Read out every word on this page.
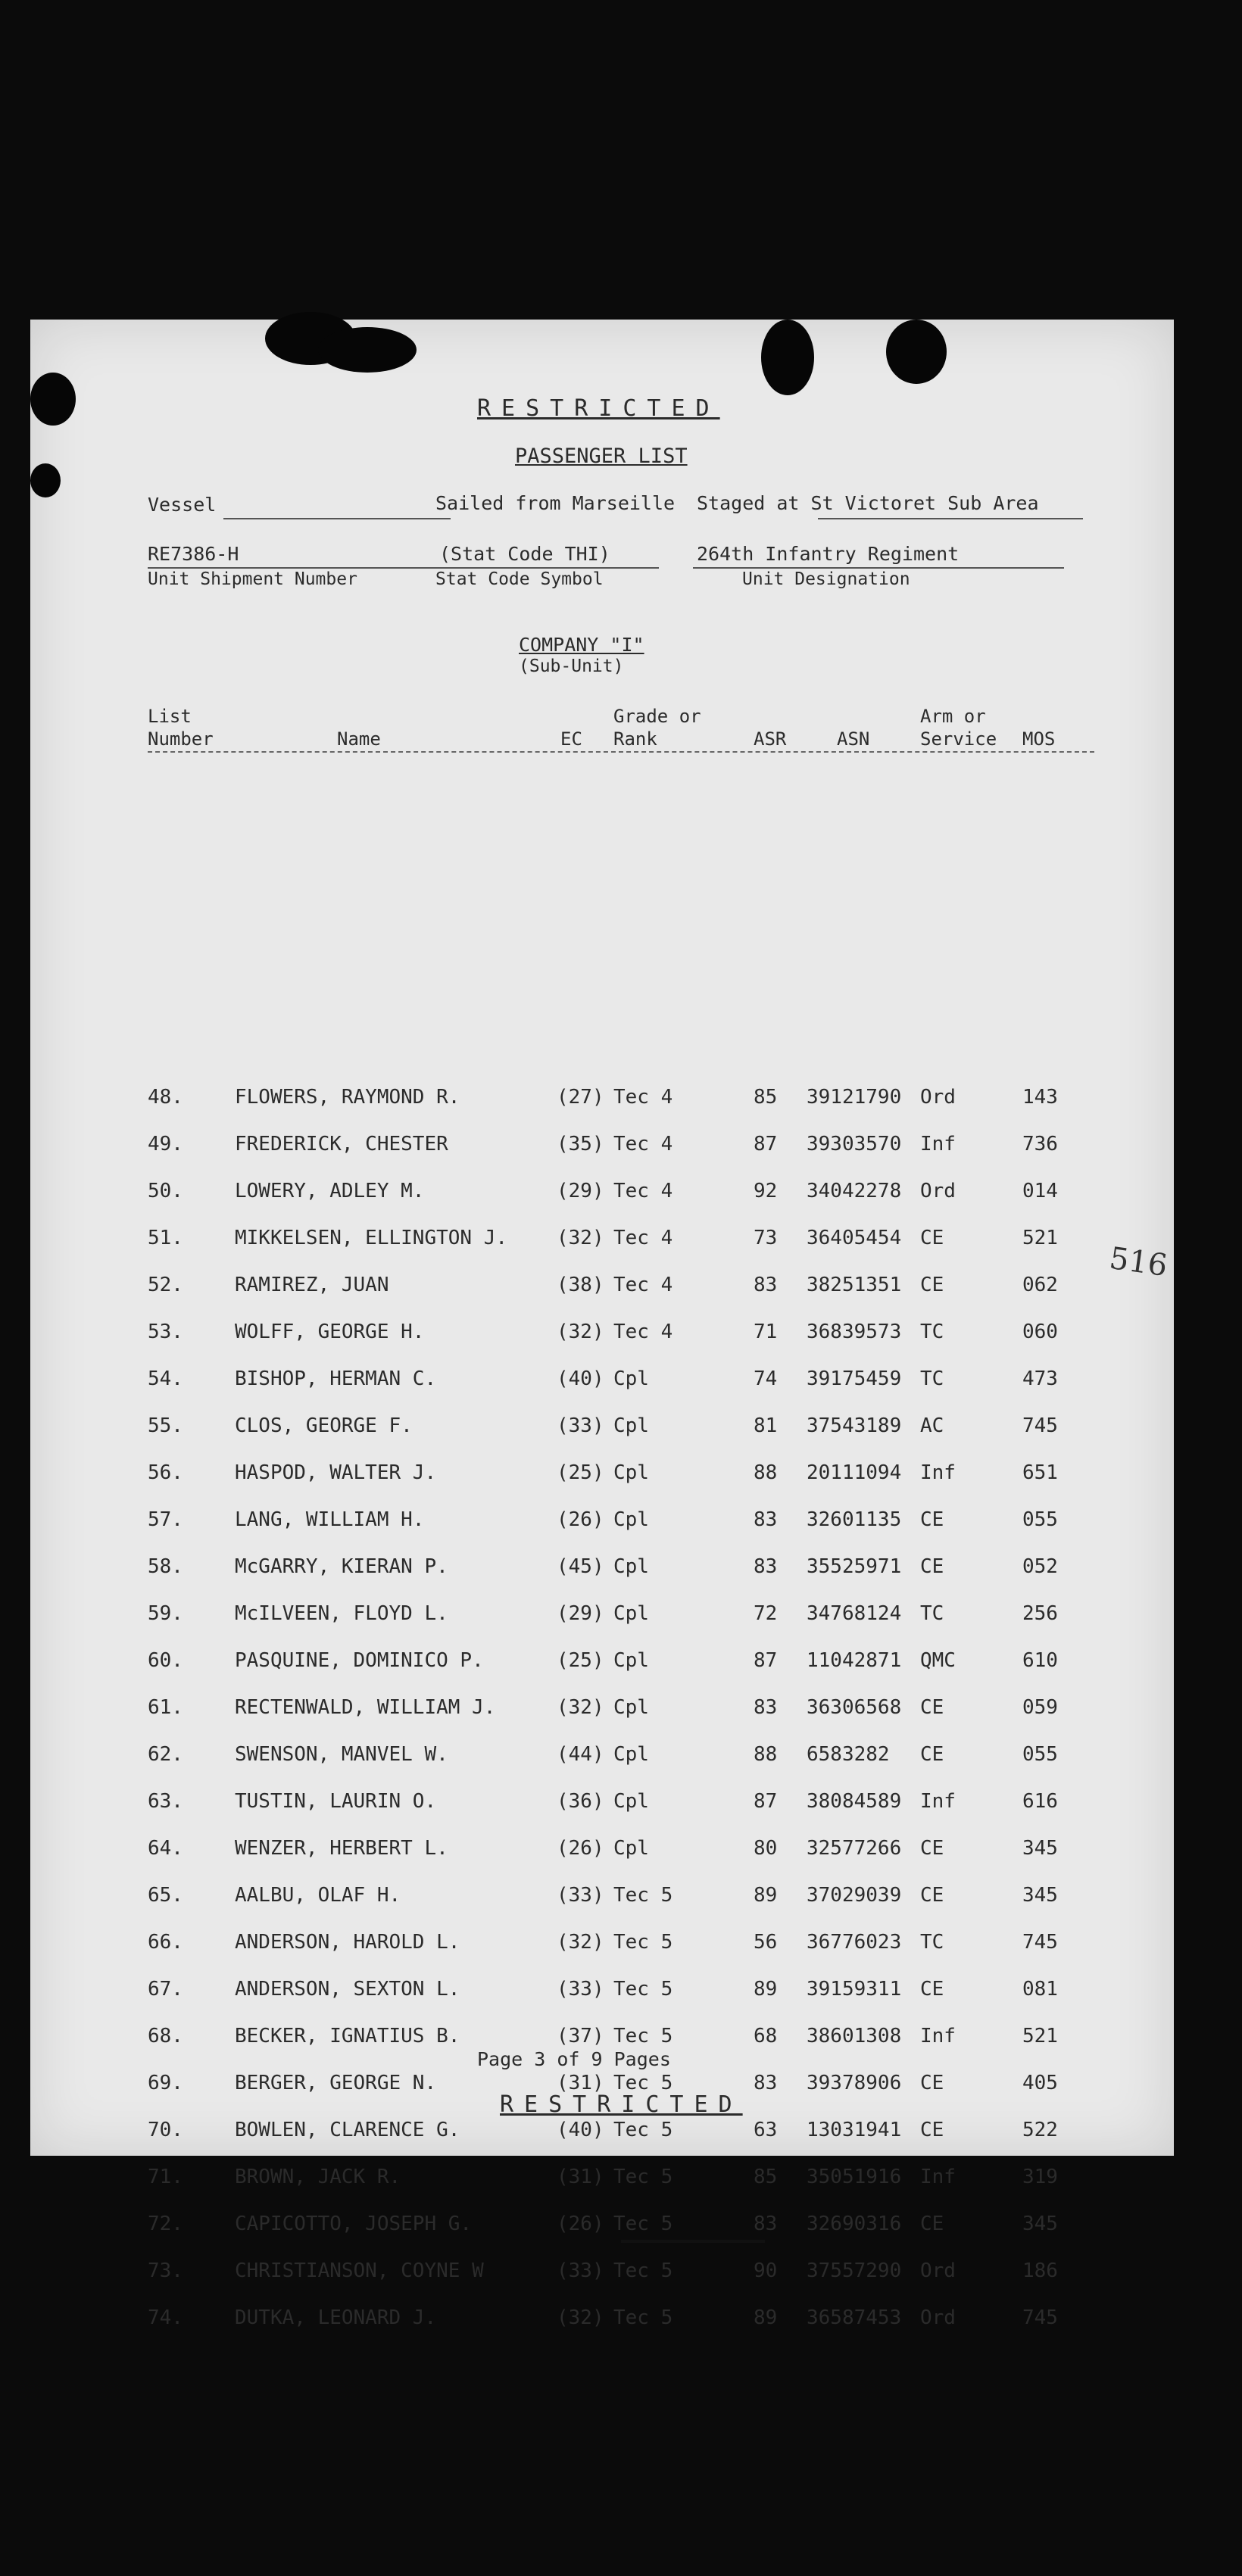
RESTRICTED
PASSENGER LIST
Vessel	Sailed from Marseille Staged at St Victoret Sub Area
RE7386-H
Unit Shipment Number
(Stat Code THI)
Stat Code Symbol
264th Infantry Regiment
Unit Designation
COMPANY "I"
(Sub-Unit)
List
Number	Name	EC
Grade or
Rank	ASR	ASN
Arm or
Service MOS
516
48.	FLOWERS, RAYMOND R.	(27) Tec 4	85 39121790 Ord	143
49.	FREDERICK, CHESTER	(35) Tec 4	87 39303570 Inf	736
50.	LOWERY, ADLEY M.	(29) Tec 4	92 34042278 Ord	014
51.	MIKKELSEN, ELLINGTON J. (32) Tec 4	73 36405454 CE	521
52.	RAMIREZ, JUAN	(38) Tec 4	83 38251351 CE	062
53.	WOLFF, GEORGE H.	(32) Tec 4	71 36839573 TC	060
54.	BISHOP, HERMAN C.	(40) Cpl	74 39175459 TC	473
55.	CLOS, GEORGE F.	(33) Cpl	81 37543189 AC	745
56.	HASPOD, WALTER J.	(25) Cpl	88 20111094 Inf	651
57.	LANG, WILLIAM H.	(26) Cpl	83 32601135 CE	055
58.	McGARRY, KIERAN P.	(45) Cpl	83 35525971 CE	052
59.	McILVEEN, FLOYD L.	(29) Cpl	72 34768124 TC	256
60.	PASQUINE, DOMINICO P.	(25) Cpl	87 11042871 QMC	610
61.	RECTENWALD, WILLIAM J.	(32) Cpl	83 36306568 CE	059
62.	SWENSON, MANVEL W.	(44) Cpl	88 6583282 CE	055
63.	TUSTIN, LAURIN O.	(36) Cpl	87 38084589 Inf	616
64.	WENZER, HERBERT L.	(26) Cpl	80 32577266 CE	345
65.	AALBU, OLAF H.	(33) Tec 5	89 37029039 CE	345
66.	ANDERSON, HAROLD L.	(32) Tec 5	56 36776023 TC	745
67.	ANDERSON, SEXTON L.	(33) Tec 5	89 39159311 CE	081
68.	BECKER, IGNATIUS B.	(37) Tec 5	68 38601308 Inf	521
69.	BERGER, GEORGE N.	(31) Tec 5	83 39378906 CE	405
70.	BOWLEN, CLARENCE G.	(40) Tec 5	63 13031941 CE	522
71.	BROWN, JACK R.	(31) Tec 5	85 35051916 Inf	319
72.	CAPICOTTO, JOSEPH G.	(26) Tec 5	83 32690316 CE	345
73.	CHRISTIANSON, COYNE W	(33) Tec 5	90 37557290 Ord	186
74.	DUTKA, LEONARD J.	(32) Tec 5	89 36587453 Ord	745
Page 3 of 9 Pages
RESTRICTED
